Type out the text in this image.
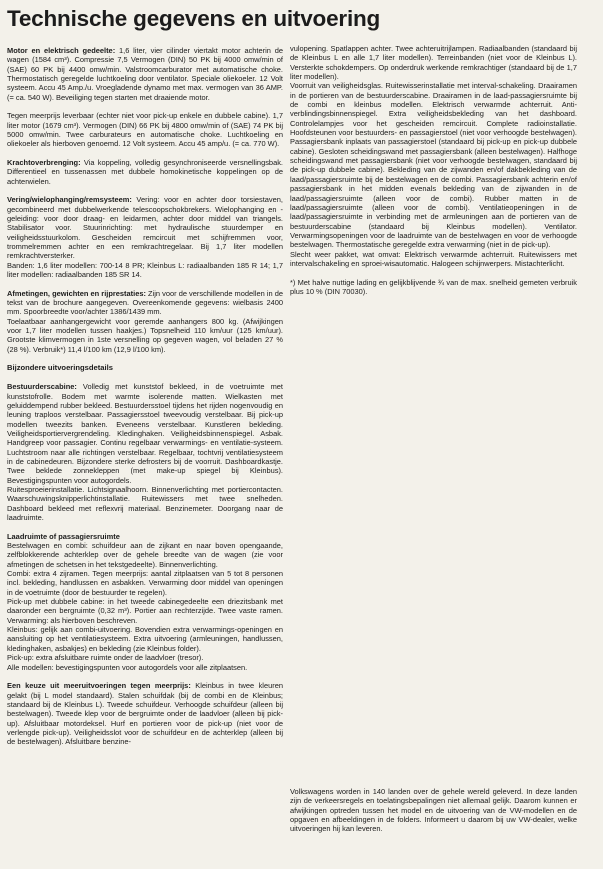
Technische gegevens en uitvoering

Motor en elektrisch gedeelte: 1,6 liter, vier cilinder viertakt motor achterin de wagen (1584 cm³). Compressie 7,5 Vermogen (DIN) 50 PK bij 4000 omw/min of (SAE) 60 PK bij 4400 omw/min. Valstroomcarburator met automatische choke. Thermostatisch geregelde luchtkoeling door ventilator. Speciale oliekoeler. 12 Volt systeem. Accu 45 Amp./u. Vroegladende dynamo met max. vermogen van 36 AMP. (= ca. 540 W). Beveiliging tegen starten met draaiende motor.

Tegen meerprijs leverbaar (echter niet voor pick-up enkele en dubbele cabine). 1,7 liter motor (1679 cm³). Vermogen (DIN) 66 PK bij 4800 omw/min of (SAE) 74 PK bij 5000 omw/min. Twee carburateurs en automatische choke. Luchtkoeling en oliekoeler als hierboven genoemd. 12 Volt systeem. Accu 45 amp/u. (= ca. 770 W).

Krachtoverbrenging: Via koppeling, volledig gesynchroniseerde versnellingsbak. Differentieel en tussenassen met dubbele homokinetische koppelingen op de achterwielen.

Vering/wielophanging/remsysteem: Vering: voor en achter door torsiestaven, gecombineerd met dubbelwerkende telescoopschokbrekers. Wielophanging en -geleiding: voor door draag- en leidarmen, achter door middel van triangels. Stabilisator voor. Stuurinrichting: met hydraulische stuurdemper en veiligheidsstuurkolom. Gescheiden remcircuit met schijfremmen voor, trommelremmen achter en een remkrachtregelaar. Bij 1,7 liter modellen remkrachtversterker.

Banden: 1,6 liter modellen: 700-14 8 PR; Kleinbus L: radiaalbanden 185 R 14; 1,7 liter modellen: radiaalbanden 185 SR 14.

Afmetingen, gewichten en rijprestaties: Zijn voor de verschillende modellen in de tekst van de brochure aangegeven. Overeenkomende gegevens: wielbasis 2400 mm. Spoorbreedte voor/achter 1386/1439 mm.

Toelaatbaar aanhangergewicht voor geremde aanhangers 800 kg. (Afwijkingen voor 1,7 liter modellen tussen haakjes.) Topsnelheid 110 km/uur (125 km/uur). Grootste klimvermogen in 1ste versnelling op gegeven wagen, vol beladen 27 % (28 %). Verbruik*) 11,4 l/100 km (12,9 l/100 km).

Bijzondere uitvoeringsdetails

Bestuurderscabine: Volledig met kunststof bekleed, in de voetruimte met kunststofrolle. Bodem met warmte isolerende matten. Wielkasten met geluiddempend rubber bekleed. Bestuurdersstoel tijdens het rijden nogenvoudig en leuning traploos verstelbaar. Passagiersstoel tweevoudig verstelbaar. Bij pick-up modellen tweezits banken. Eveneens verstelbaar. Kunstleren bekleding. Veiligheidsportiervergrendeling. Kledinghaken. Veiligheidsbinnenspiegel. Asbak. Handgreep voor passagier. Continu regelbaar verwarmings- en ventilatie-systeem. Luchtstroom naar alle richtingen verstelbaar. Regelbaar, tochtvrij ventilatiesysteem in de cabinedeuren. Bijzondere sterke defrosters bij de voorruit. Dashboardkastje. Twee beklede zonnekleppen (met make-up spiegel bij Kleinbus). Bevestigingspunten voor autogordels.

Ruitesproeierinstallatie. Lichtsignaalhoorn. Binnenverlichting met portiercontacten. Waarschuwingsknipperlichtinstallatie. Ruitewissers met twee snelheden. Dashboard bekleed met reflexvrij materiaal. Benzinemeter. Doorgang naar de laadruimte.

Laadruimte of passagiersruimte

Bestelwagen en combi: schuifdeur aan de zijkant en naar boven opengaande, zelfblokkerende achterklep over de gehele breedte van de wagen (zie voor afmetingen de schetsen in het tekstgedeelte). Binnenverlichting.

Combi: extra 4 zijramen. Tegen meerprijs: aantal zitplaatsen van 5 tot 8 personen incl. bekleding, handlussen en asbakken. Verwarming door middel van openingen in de voetruimte (door de bestuurder te regelen).

Pick-up met dubbele cabine: in het tweede cabinegedeelte een driezitsbank met daaronder een bergruimte (0,32 m³). Portier aan rechterzijde. Twee vaste ramen. Verwarming: als hierboven beschreven.

Kleinbus: gelijk aan combi-uitvoering. Bovendien extra verwarmings-openingen en aansluiting op het ventilatiesysteem. Extra uitvoering (armleuningen, handlussen, kledinghaken, asbakjes) en bekleding (zie Kleinbus folder).

Pick-up: extra afsluitbare ruimte onder de laadvloer (tresor).

Alle modellen: bevestigingspunten voor autogordels voor alle zitplaatsen.

Een keuze uit meeruitvoeringen tegen meerprijs: Kleinbus in twee kleuren gelakt (bij L model standaard). Stalen schuifdak (bij de combi en de Kleinbus; standaard bij de Kleinbus L). Tweede schuifdeur. Verhoogde schuifdeur (alleen bij bestelwagen). Tweede klep voor de bergruimte onder de laadvloer (alleen bij pick-up). Afsluitbaar motordeksel. Hurf en portieren voor de pick-up (niet voor de verlengde pick-up). Veiligheidsslot voor de schuifdeur en de achterklep (alleen bij de bestelwagen). Afsluitbare benzine-

vulopening. Spatlappen achter. Twee achteruitrijlampen. Radiaalbanden (standaard bij de Kleinbus L en alle 1,7 liter modellen). Terreinbanden (niet voor de Kleinbus L). Versterkte schokdempers. Op onderdruk werkende remkrachtiger (standaard bij de 1,7 liter modellen).

Voorruit van veiligheidsglas. Ruitewisserinstallatie met interval-schakeling. Draairamen in de portieren van de bestuurderscabine. Draairamen in de laad-passagiersruimte bij de combi en kleinbus modellen. Elektrisch verwarmde achterruit. Anti-verblindingsbinnenspiegel. Extra veiligheidsbekleding van het dashboard. Controlelampjes voor het gescheiden remcircuit. Complete radioinstallatie. Hoofdsteunen voor bestuurders- en passagierstoel (niet voor verhoogde bestelwagen). Passagiersbank inplaats van passagierstoel (standaard bij pick-up en pick-up dubbele cabine). Gesloten scheidingswand met passagiersbank (alleen bestelwagen). Halfhoge scheidingswand met passagiersbank (niet voor verhoogde bestelwagen, standaard bij de pick-up dubbele cabine). Bekleding van de zijwanden en/of dakbekleding van de laad/passagiersruimte bij de bestelwagen en de combi. Passagiersbank achterin en/of passagiersbank in het midden evenals bekleding van de zijwanden in de laad/passagiersruimte (alleen voor de combi). Rubber matten in de laad/passagiersruimte (alleen voor de combi). Ventilatieopeningen in de laad/passagiersruimte in verbinding met de armleuningen aan de portieren van de bestuurderscabine (standaard bij Kleinbus modellen). Ventilator. Verwarmingsopeningen voor de laadruimte van de bestelwagen en voor de verhoogde bestelwagen. Thermostatische geregelde extra verwarming (niet in de pick-up).

Slecht weer pakket, wat omvat: Elektrisch verwarmde achterruit. Ruitewissers met intervalschakeling en sproei-wisautomatic. Halogeen schijnwerpers. Mistachterlicht.

*) Met halve nuttige lading en gelijkblijvende ¾ van de max. snelheid gemeten verbruik plus 10 % (DIN 70030).

Volkswagens worden in 140 landen over de gehele wereld geleverd. In deze landen zijn de verkeersregels en toelatingsbepalingen niet allemaal gelijk. Daarom kunnen er afwijkingen optreden tussen het model en de uitvoering van de VW-modellen en de opgaven en afbeeldingen in de folders. Informeert u daarom bij uw VW-dealer, welke uitvoeringen hij kan leveren.
